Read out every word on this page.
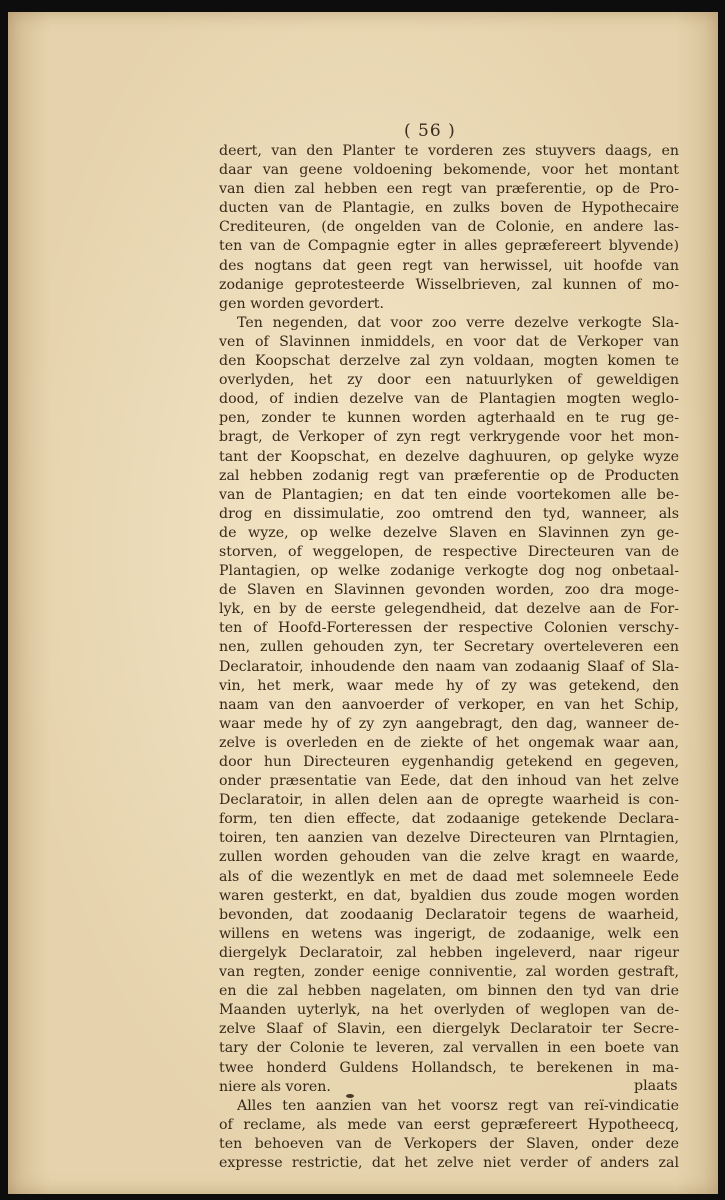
( 56 )
deert, van den Planter te vorderen zes stuyvers daags, en
daar van geene voldoening bekomende, voor het montant
van dien zal hebben een regt van præferentie, op de Pro-
ducten van de Plantagie, en zulks boven de Hypothecaire
Crediteuren, (de ongelden van de Colonie, en andere las-
ten van de Compagnie egter in alles gepræfereert blyvende)
des nogtans dat geen regt van herwissel, uit hoofde van
zodanige geprotesteerde Wisselbrieven, zal kunnen of mo-
gen worden gevordert.
Ten negenden, dat voor zoo verre dezelve verkogte Sla-
ven of Slavinnen inmiddels, en voor dat de Verkoper van
den Koopschat derzelve zal zyn voldaan, mogten komen te
overlyden, het zy door een natuurlyken of geweldigen
dood, of indien dezelve van de Plantagien mogten weglo-
pen, zonder te kunnen worden agterhaald en te rug ge-
bragt, de Verkoper of zyn regt verkrygende voor het mon-
tant der Koopschat, en dezelve daghuuren, op gelyke wyze
zal hebben zodanig regt van præferentie op de Producten
van de Plantagien; en dat ten einde voortekomen alle be-
drog en dissimulatie, zoo omtrend den tyd, wanneer, als
de wyze, op welke dezelve Slaven en Slavinnen zyn ge-
storven, of weggelopen, de respective Directeuren van de
Plantagien, op welke zodanige verkogte dog nog onbetaal-
de Slaven en Slavinnen gevonden worden, zoo dra moge-
lyk, en by de eerste gelegendheid, dat dezelve aan de For-
ten of Hoofd-Forteressen der respective Colonien verschy-
nen, zullen gehouden zyn, ter Secretary overteleveren een
Declaratoir, inhoudende den naam van zodaanig Slaaf of Sla-
vin, het merk, waar mede hy of zy was getekend, den
naam van den aanvoerder of verkoper, en van het Schip,
waar mede hy of zy zyn aangebragt, den dag, wanneer de-
zelve is overleden en de ziekte of het ongemak waar aan,
door hun Directeuren eygenhandig getekend en gegeven,
onder præsentatie van Eede, dat den inhoud van het zelve
Declaratoir, in allen delen aan de opregte waarheid is con-
form, ten dien effecte, dat zodaanige getekende Declara-
toiren, ten aanzien van dezelve Directeuren van Plrntagien,
zullen worden gehouden van die zelve kragt en waarde,
als of die wezentlyk en met de daad met solemneele Eede
waren gesterkt, en dat, byaldien dus zoude mogen worden
bevonden, dat zoodaanig Declaratoir tegens de waarheid,
willens en wetens was ingerigt, de zodaanige, welk een
diergelyk Declaratoir, zal hebben ingeleverd, naar rigeur
van regten, zonder eenige conniventie, zal worden gestraft,
en die zal hebben nagelaten, om binnen den tyd van drie
Maanden uyterlyk, na het overlyden of weglopen van de-
zelve Slaaf of Slavin, een diergelyk Declaratoir ter Secre-
tary der Colonie te leveren, zal vervallen in een boete van
twee honderd Guldens Hollandsch, te berekenen in ma-
niere als voren.
Alles ten aanzien van het voorsz regt van reï-vindicatie
of reclame, als mede van eerst gepræfereert Hypotheecq,
ten behoeven van de Verkopers der Slaven, onder deze
expresse restrictie, dat het zelve niet verder of anders zal
plaats
